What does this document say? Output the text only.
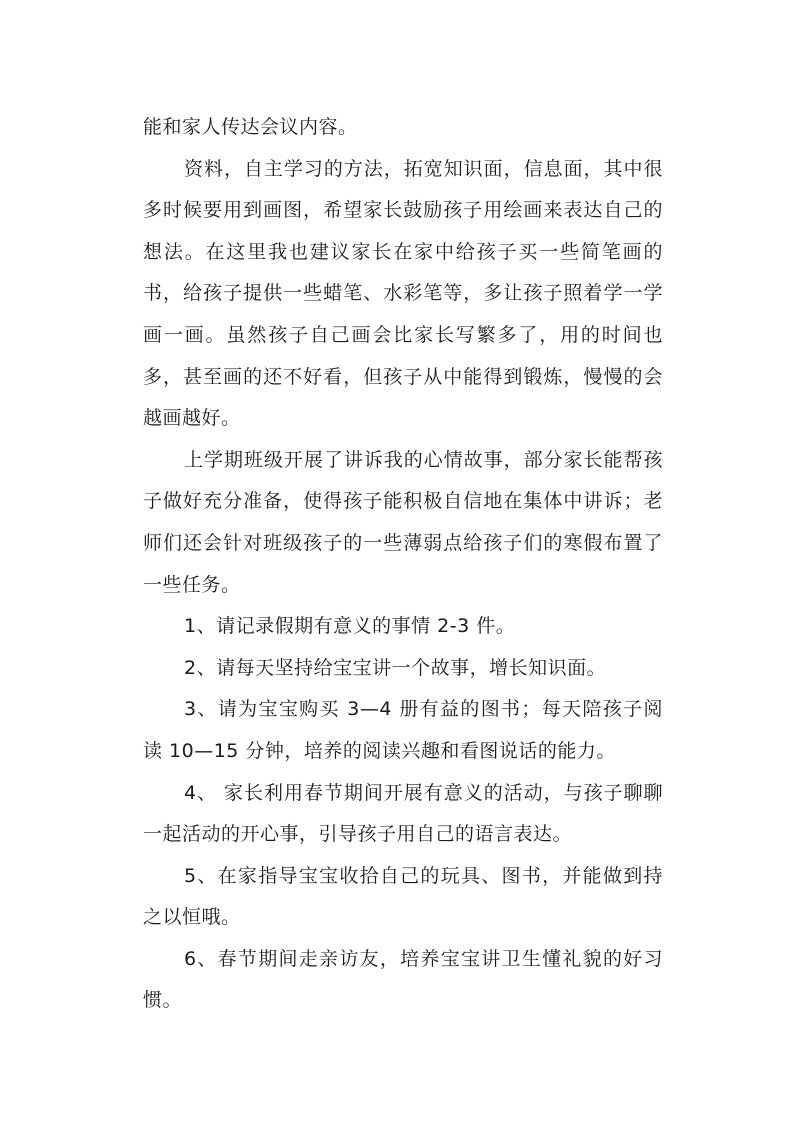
能和家人传达会议内容。

资料，自主学习的方法，拓宽知识面，信息面，其中很多时候要用到画图，希望家长鼓励孩子用绘画来表达自己的想法。在这里我也建议家长在家中给孩子买一些简笔画的书，给孩子提供一些蜡笔、水彩笔等，多让孩子照着学一学画一画。虽然孩子自己画会比家长写繁多了，用的时间也多，甚至画的还不好看，但孩子从中能得到锻炼，慢慢的会越画越好。

上学期班级开展了讲诉我的心情故事，部分家长能帮孩子做好充分准备，使得孩子能积极自信地在集体中讲诉；老师们还会针对班级孩子的一些薄弱点给孩子们的寒假布置了一些任务。

1、请记录假期有意义的事情 2-3 件。

2、请每天坚持给宝宝讲一个故事，增长知识面。

3、请为宝宝购买 3—4 册有益的图书；每天陪孩子阅读 10—15 分钟，培养的阅读兴趣和看图说话的能力。

4、 家长利用春节期间开展有意义的活动，与孩子聊聊一起活动的开心事，引导孩子用自己的语言表达。

5、在家指导宝宝收拾自己的玩具、图书，并能做到持之以恒哦。

6、春节期间走亲访友，培养宝宝讲卫生懂礼貌的好习惯。
